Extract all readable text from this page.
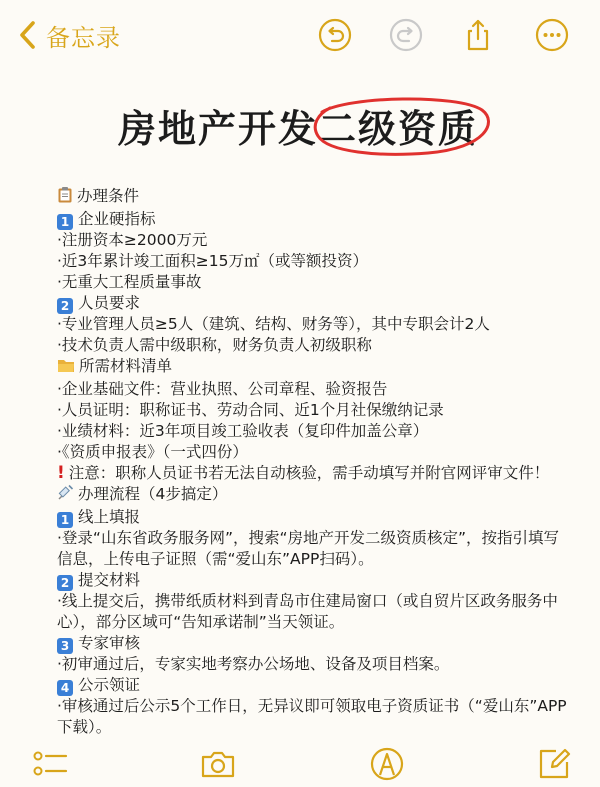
备忘录
房地产开发二级资质
办理条件
1 企业硬指标
·注册资本≥2000万元
·近3年累计竣工面积≥15万㎡（或等额投资）
·无重大工程质量事故
2 人员要求
·专业管理人员≥5人（建筑、结构、财务等），其中专职会计2人
·技术负责人需中级职称，财务负责人初级职称
所需材料清单
·企业基础文件：营业执照、公司章程、验资报告
·人员证明：职称证书、劳动合同、近1个月社保缴纳记录
·业绩材料：近3年项目竣工验收表（复印件加盖公章）
·《资质申报表》（一式四份）
! 注意：职称人员证书若无法自动核验，需手动填写并附官网评审文件！
办理流程（4步搞定）
1 线上填报
·登录“山东省政务服务网”，搜索“房地产开发二级资质核定”，按指引填写信息，上传电子证照（需“爱山东”APP扫码）。
2 提交材料
·线上提交后，携带纸质材料到青岛市住建局窗口（或自贸片区政务服务中心），部分区域可“告知承诺制”当天领证。
3 专家审核
·初审通过后，专家实地考察办公场地、设备及项目档案。
4 公示领证
·审核通过后公示5个工作日，无异议即可领取电子资质证书（“爱山东”APP下载）。
